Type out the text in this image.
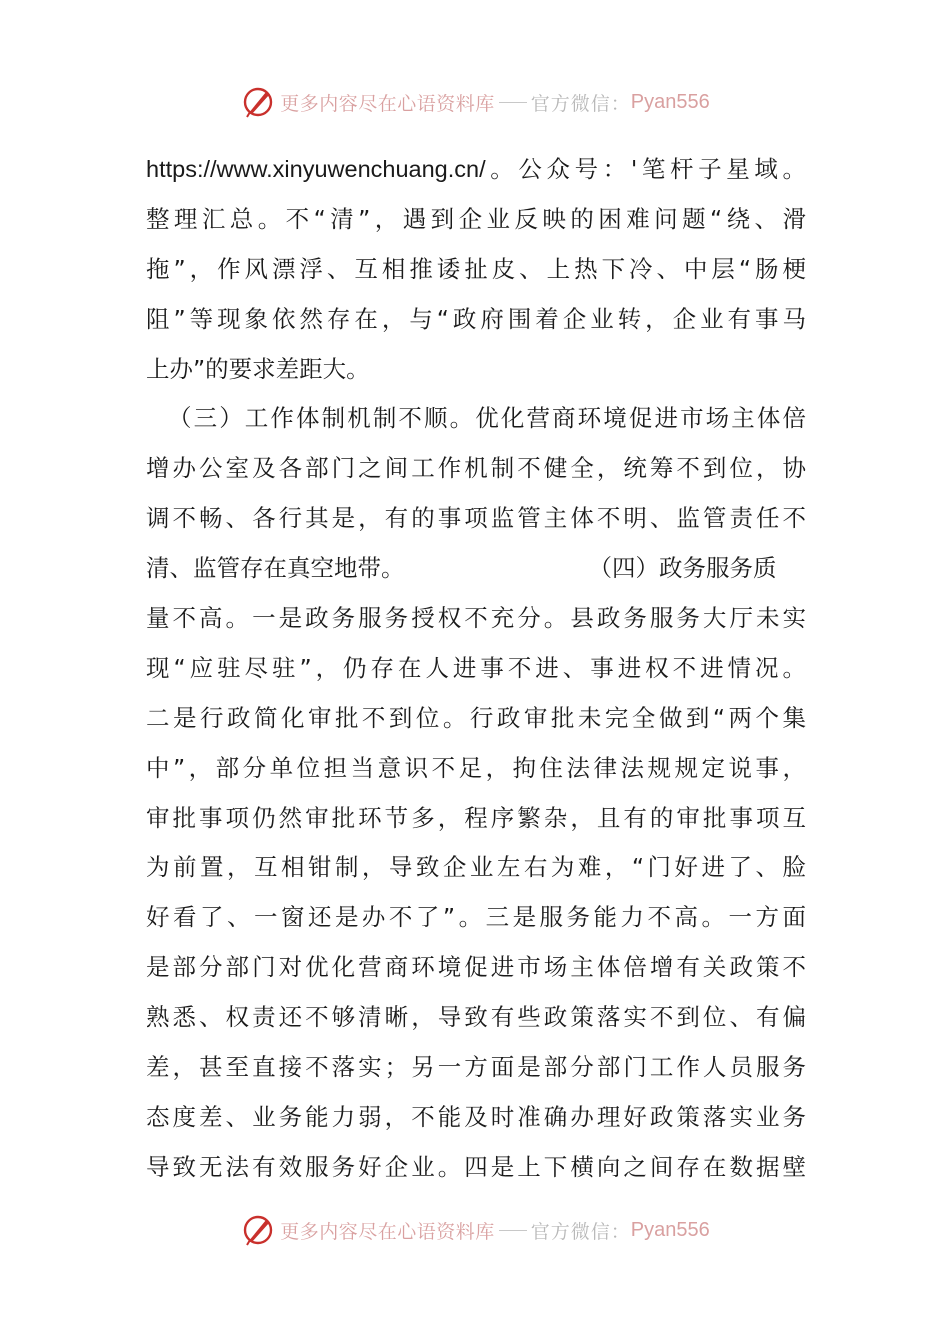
更多内容尽在心语资料库 官方微信： Pyan556
https://www.xinyuwenchuang.cn/。公众号：'笔杆子星域。
整理汇总。不“清”，遇到企业反映的困难问题“绕、滑
拖”，作风漂浮、互相推诿扯皮、上热下冷、中层“肠梗
阻”等现象依然存在，与“政府围着企业转，企业有事马
上办”的要求差距大。
（三）工作体制机制不顺。优化营商环境促进市场主体倍
增办公室及各部门之间工作机制不健全，统筹不到位，协
调不畅、各行其是，有的事项监管主体不明、监管责任不
清、监管存在真空地带。	（四）政务服务质
量不高。一是政务服务授权不充分。县政务服务大厅未实
现“应驻尽驻”，仍存在人进事不进、事进权不进情况。
二是行政简化审批不到位。行政审批未完全做到“两个集
中”，部分单位担当意识不足，拘住法律法规规定说事，
审批事项仍然审批环节多，程序繁杂，且有的审批事项互
为前置，互相钳制，导致企业左右为难，“门好进了、脸
好看了、一窗还是办不了”。三是服务能力不高。一方面
是部分部门对优化营商环境促进市场主体倍增有关政策不
熟悉、权责还不够清晰，导致有些政策落实不到位、有偏
差，甚至直接不落实；另一方面是部分部门工作人员服务
态度差、业务能力弱，不能及时准确办理好政策落实业务
导致无法有效服务好企业。四是上下横向之间存在数据壁
更多内容尽在心语资料库 官方微信： Pyan556
